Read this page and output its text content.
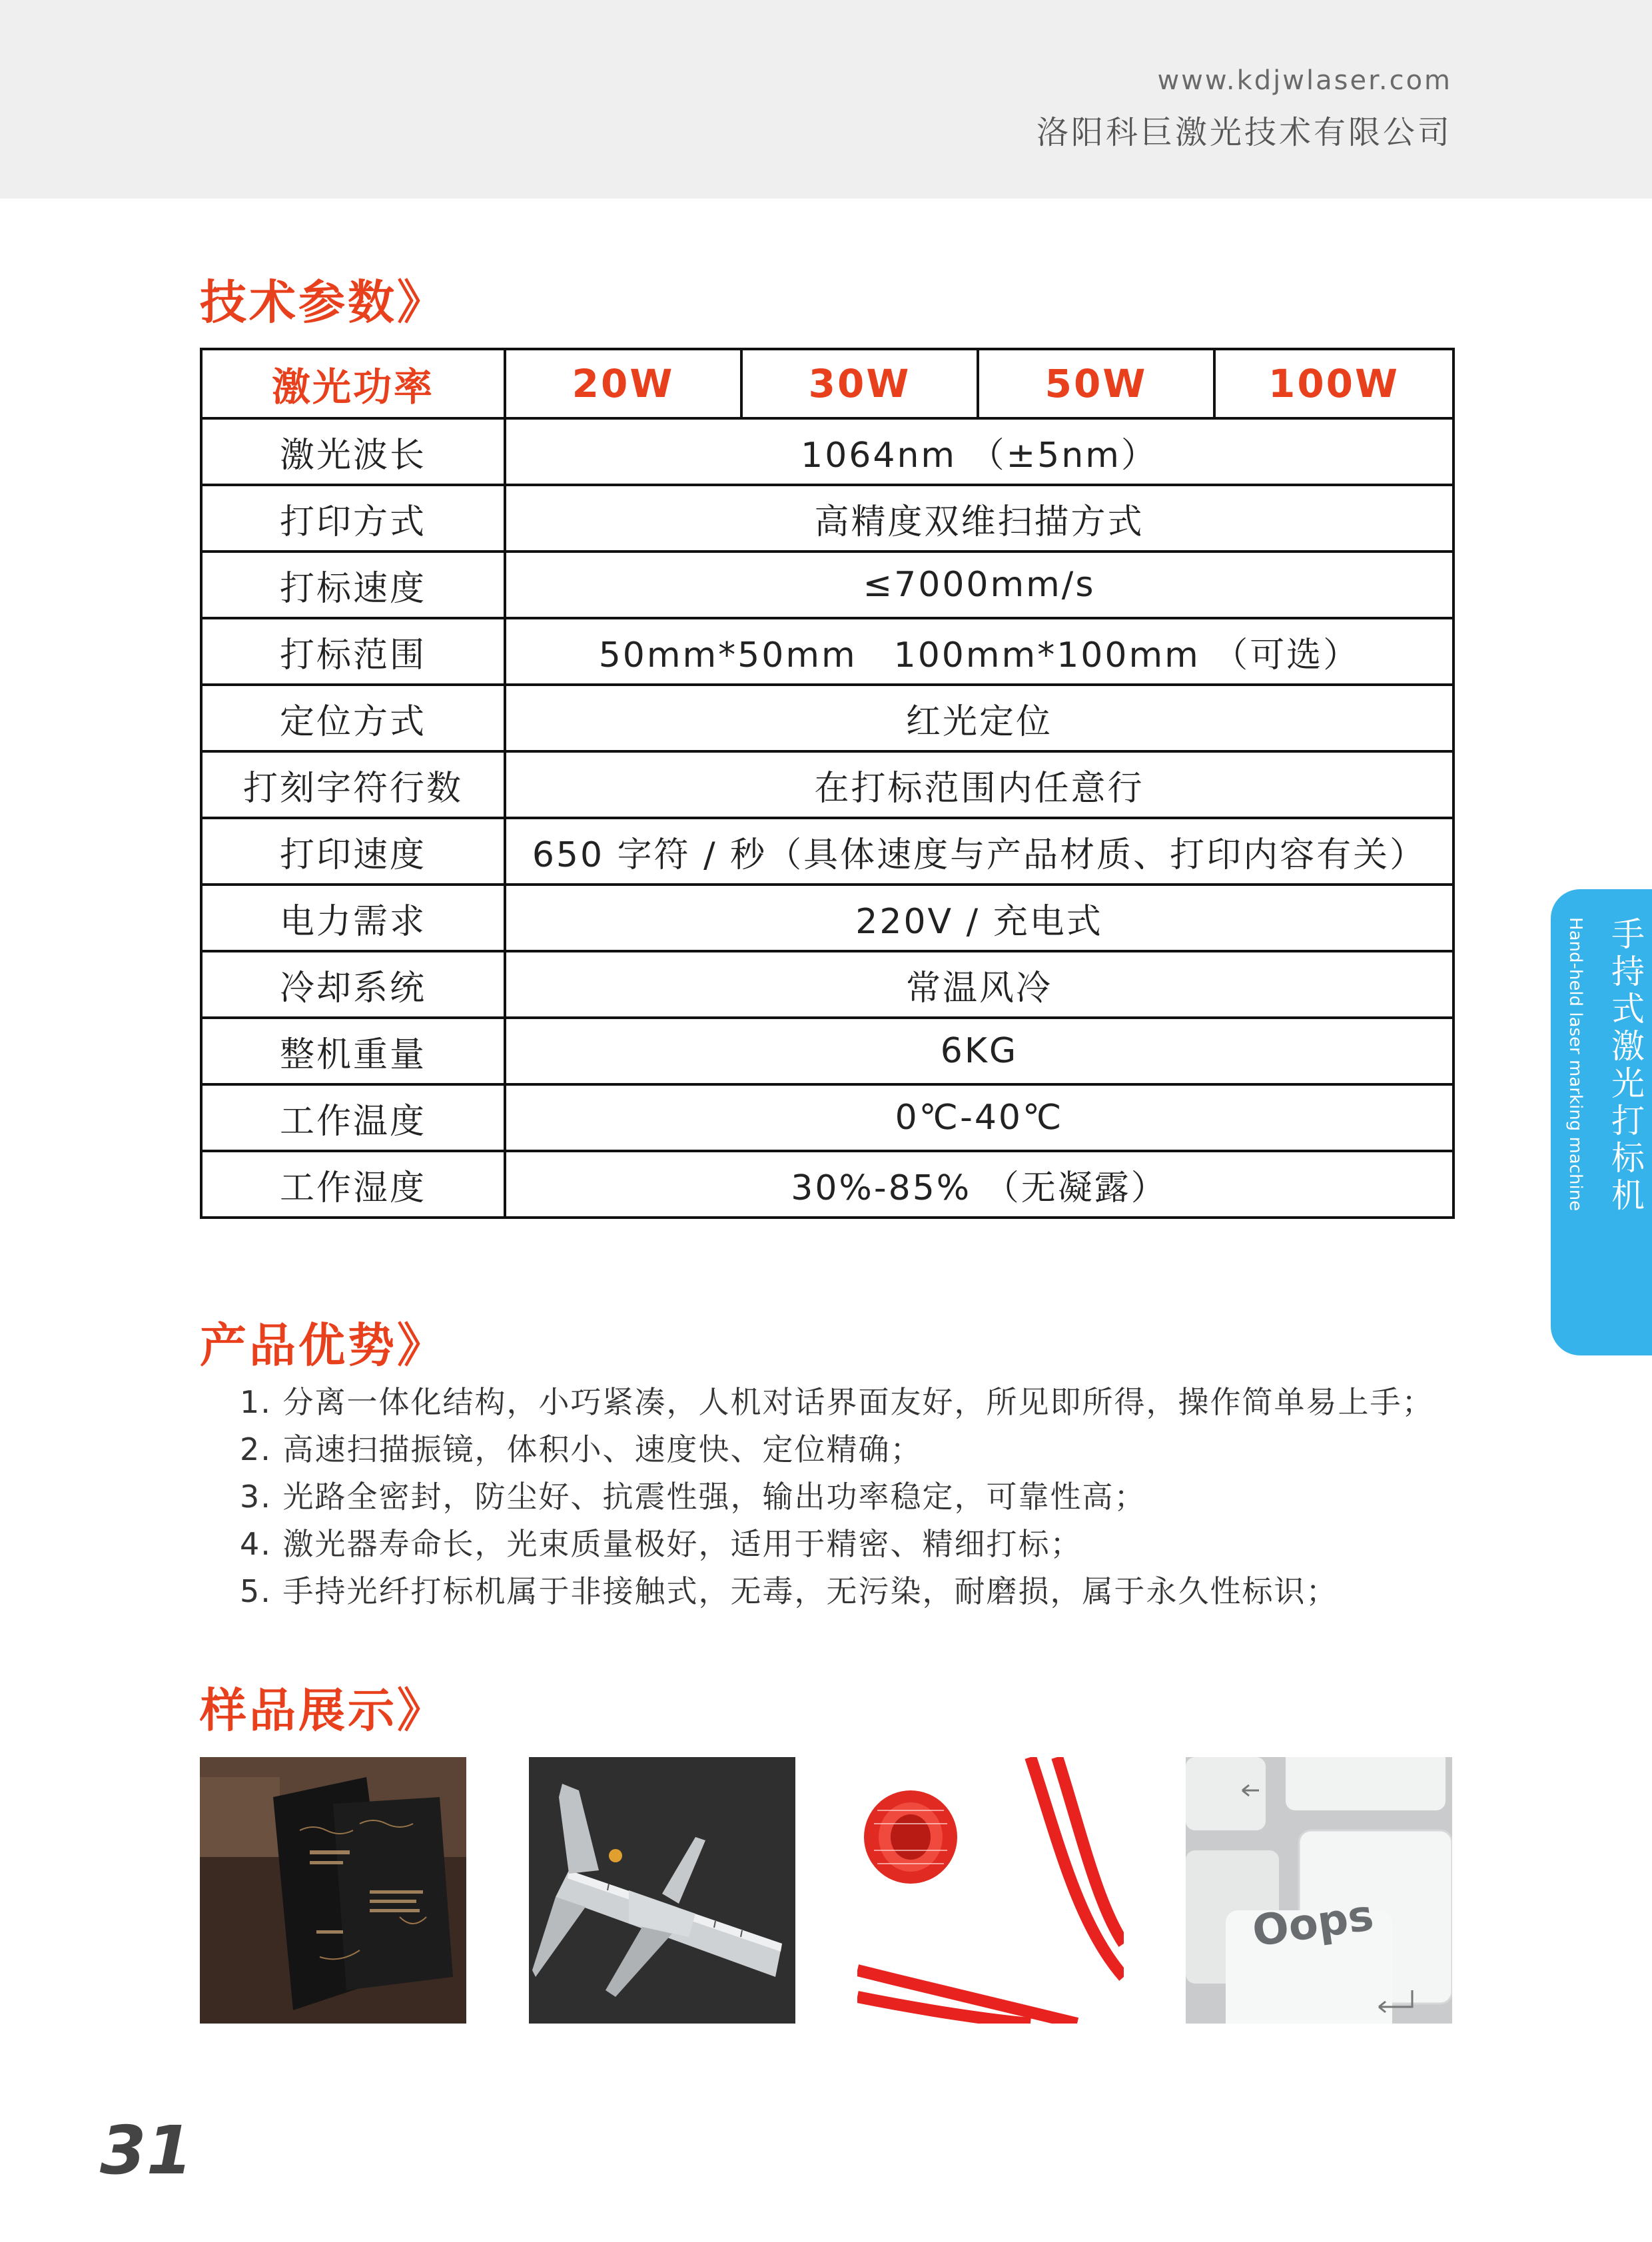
www.kdjwlaser.com
洛阳科巨激光技术有限公司
技术参数》
激光功率	20W	30W	50W	100W
激光波长	1064nm （±5nm）			
打印方式	高精度双维扫描方式			
打标速度	≤7000mm/s			
打标范围	50mm*50mm　100mm*100mm （可选）			
定位方式	红光定位			
打刻字符行数	在打标范围内任意行			
打印速度	650 字符 / 秒（具体速度与产品材质、打印内容有关）			
电力需求	220V / 充电式			
冷却系统	常温风冷			
整机重量	6KG			
工作温度	0℃-40℃			
工作湿度	30%-85% （无凝露）			
产品优势》
1. 分离一体化结构，小巧紧凑，人机对话界面友好，所见即所得，操作简单易上手；
2. 高速扫描振镜，体积小、速度快、定位精确；
3. 光路全密封，防尘好、抗震性强，输出功率稳定，可靠性高；
4. 激光器寿命长，光束质量极好，适用于精密、精细打标；
5. 手持光纤打标机属于非接触式，无毒，无污染，耐磨损，属于永久性标识；
样品展示》
Oops
Hand-held laser marking machine 手持式激光打标机
31
